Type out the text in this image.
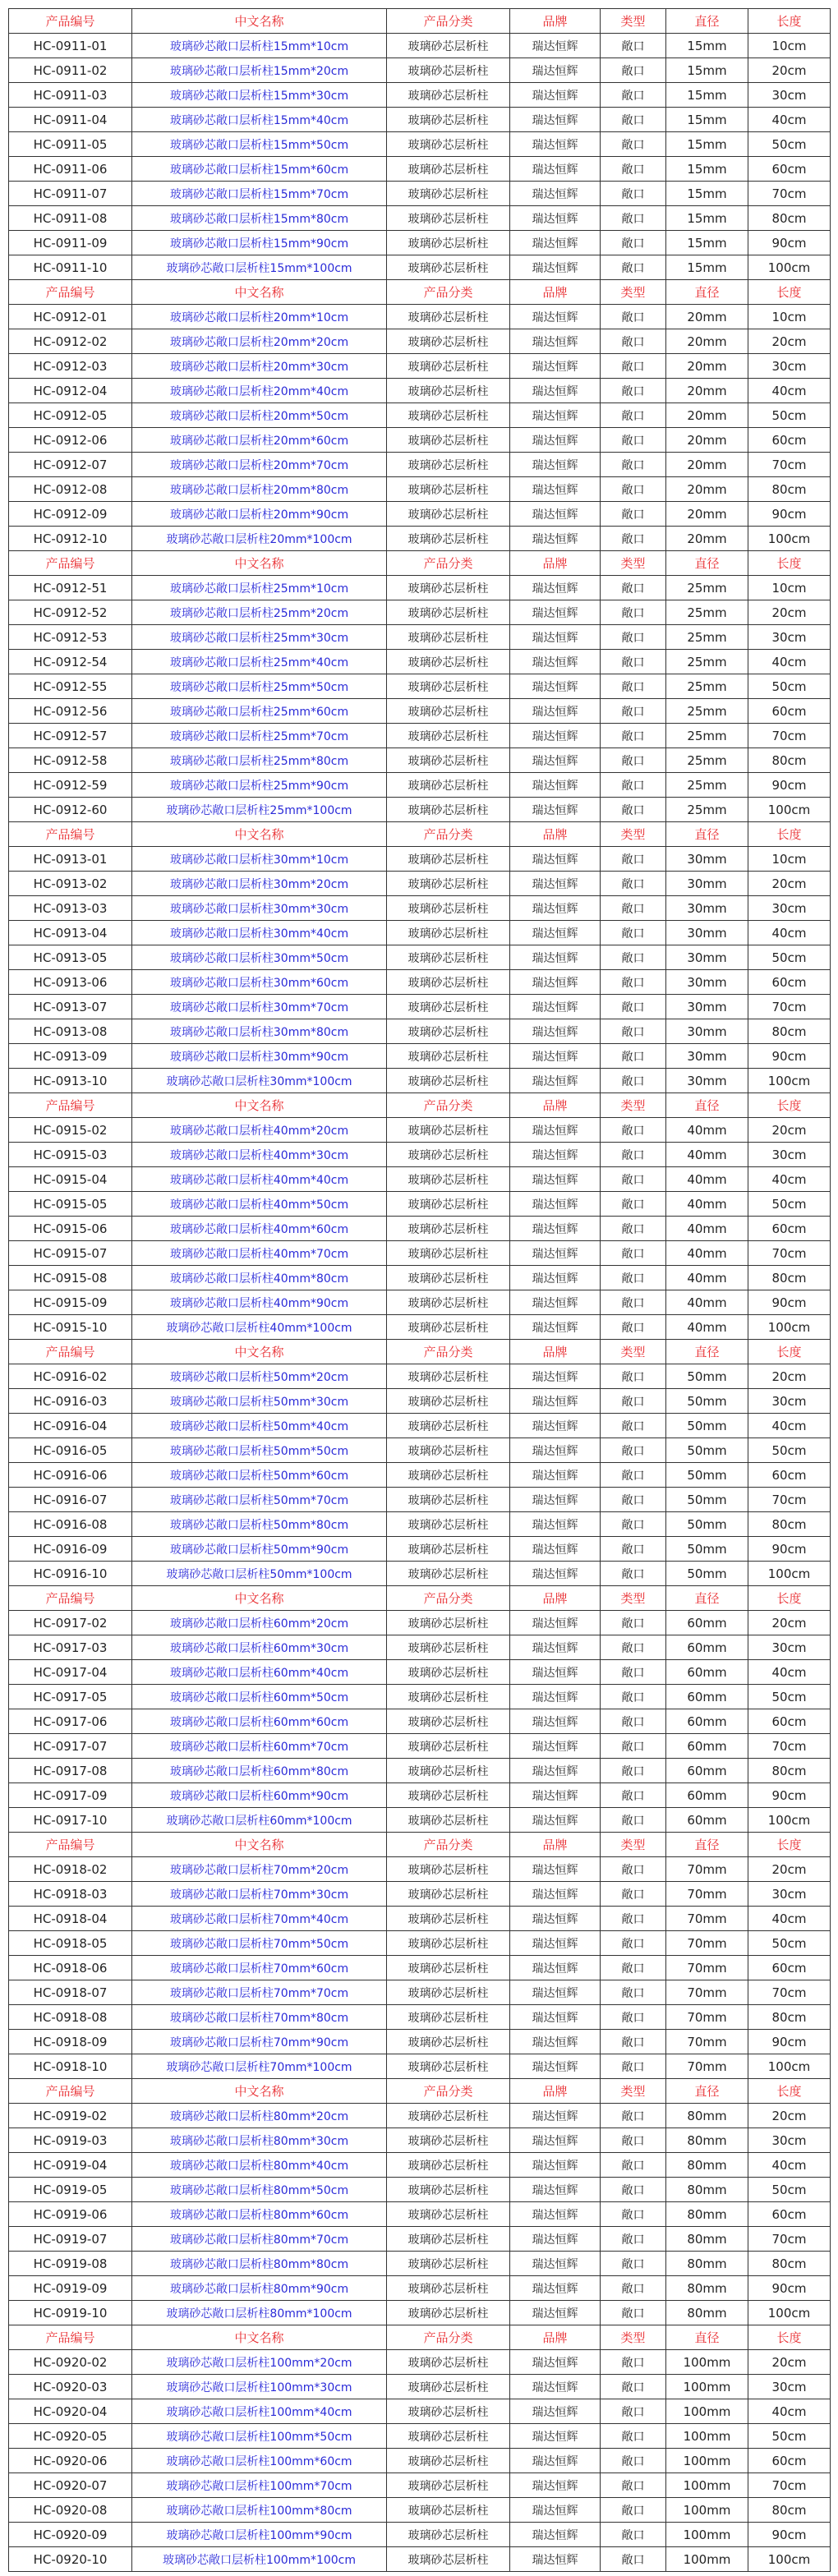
产品编号	中文名称	产品分类	品牌	类型	直径	长度
HC-0911-01	玻璃砂芯敞口层析柱15mm*10cm	玻璃砂芯层析柱	瑞达恒辉	敞口	15mm	10cm
HC-0911-02	玻璃砂芯敞口层析柱15mm*20cm	玻璃砂芯层析柱	瑞达恒辉	敞口	15mm	20cm
HC-0911-03	玻璃砂芯敞口层析柱15mm*30cm	玻璃砂芯层析柱	瑞达恒辉	敞口	15mm	30cm
HC-0911-04	玻璃砂芯敞口层析柱15mm*40cm	玻璃砂芯层析柱	瑞达恒辉	敞口	15mm	40cm
HC-0911-05	玻璃砂芯敞口层析柱15mm*50cm	玻璃砂芯层析柱	瑞达恒辉	敞口	15mm	50cm
HC-0911-06	玻璃砂芯敞口层析柱15mm*60cm	玻璃砂芯层析柱	瑞达恒辉	敞口	15mm	60cm
HC-0911-07	玻璃砂芯敞口层析柱15mm*70cm	玻璃砂芯层析柱	瑞达恒辉	敞口	15mm	70cm
HC-0911-08	玻璃砂芯敞口层析柱15mm*80cm	玻璃砂芯层析柱	瑞达恒辉	敞口	15mm	80cm
HC-0911-09	玻璃砂芯敞口层析柱15mm*90cm	玻璃砂芯层析柱	瑞达恒辉	敞口	15mm	90cm
HC-0911-10	玻璃砂芯敞口层析柱15mm*100cm	玻璃砂芯层析柱	瑞达恒辉	敞口	15mm	100cm
产品编号	中文名称	产品分类	品牌	类型	直径	长度
HC-0912-01	玻璃砂芯敞口层析柱20mm*10cm	玻璃砂芯层析柱	瑞达恒辉	敞口	20mm	10cm
HC-0912-02	玻璃砂芯敞口层析柱20mm*20cm	玻璃砂芯层析柱	瑞达恒辉	敞口	20mm	20cm
HC-0912-03	玻璃砂芯敞口层析柱20mm*30cm	玻璃砂芯层析柱	瑞达恒辉	敞口	20mm	30cm
HC-0912-04	玻璃砂芯敞口层析柱20mm*40cm	玻璃砂芯层析柱	瑞达恒辉	敞口	20mm	40cm
HC-0912-05	玻璃砂芯敞口层析柱20mm*50cm	玻璃砂芯层析柱	瑞达恒辉	敞口	20mm	50cm
HC-0912-06	玻璃砂芯敞口层析柱20mm*60cm	玻璃砂芯层析柱	瑞达恒辉	敞口	20mm	60cm
HC-0912-07	玻璃砂芯敞口层析柱20mm*70cm	玻璃砂芯层析柱	瑞达恒辉	敞口	20mm	70cm
HC-0912-08	玻璃砂芯敞口层析柱20mm*80cm	玻璃砂芯层析柱	瑞达恒辉	敞口	20mm	80cm
HC-0912-09	玻璃砂芯敞口层析柱20mm*90cm	玻璃砂芯层析柱	瑞达恒辉	敞口	20mm	90cm
HC-0912-10	玻璃砂芯敞口层析柱20mm*100cm	玻璃砂芯层析柱	瑞达恒辉	敞口	20mm	100cm
产品编号	中文名称	产品分类	品牌	类型	直径	长度
HC-0912-51	玻璃砂芯敞口层析柱25mm*10cm	玻璃砂芯层析柱	瑞达恒辉	敞口	25mm	10cm
HC-0912-52	玻璃砂芯敞口层析柱25mm*20cm	玻璃砂芯层析柱	瑞达恒辉	敞口	25mm	20cm
HC-0912-53	玻璃砂芯敞口层析柱25mm*30cm	玻璃砂芯层析柱	瑞达恒辉	敞口	25mm	30cm
HC-0912-54	玻璃砂芯敞口层析柱25mm*40cm	玻璃砂芯层析柱	瑞达恒辉	敞口	25mm	40cm
HC-0912-55	玻璃砂芯敞口层析柱25mm*50cm	玻璃砂芯层析柱	瑞达恒辉	敞口	25mm	50cm
HC-0912-56	玻璃砂芯敞口层析柱25mm*60cm	玻璃砂芯层析柱	瑞达恒辉	敞口	25mm	60cm
HC-0912-57	玻璃砂芯敞口层析柱25mm*70cm	玻璃砂芯层析柱	瑞达恒辉	敞口	25mm	70cm
HC-0912-58	玻璃砂芯敞口层析柱25mm*80cm	玻璃砂芯层析柱	瑞达恒辉	敞口	25mm	80cm
HC-0912-59	玻璃砂芯敞口层析柱25mm*90cm	玻璃砂芯层析柱	瑞达恒辉	敞口	25mm	90cm
HC-0912-60	玻璃砂芯敞口层析柱25mm*100cm	玻璃砂芯层析柱	瑞达恒辉	敞口	25mm	100cm
产品编号	中文名称	产品分类	品牌	类型	直径	长度
HC-0913-01	玻璃砂芯敞口层析柱30mm*10cm	玻璃砂芯层析柱	瑞达恒辉	敞口	30mm	10cm
HC-0913-02	玻璃砂芯敞口层析柱30mm*20cm	玻璃砂芯层析柱	瑞达恒辉	敞口	30mm	20cm
HC-0913-03	玻璃砂芯敞口层析柱30mm*30cm	玻璃砂芯层析柱	瑞达恒辉	敞口	30mm	30cm
HC-0913-04	玻璃砂芯敞口层析柱30mm*40cm	玻璃砂芯层析柱	瑞达恒辉	敞口	30mm	40cm
HC-0913-05	玻璃砂芯敞口层析柱30mm*50cm	玻璃砂芯层析柱	瑞达恒辉	敞口	30mm	50cm
HC-0913-06	玻璃砂芯敞口层析柱30mm*60cm	玻璃砂芯层析柱	瑞达恒辉	敞口	30mm	60cm
HC-0913-07	玻璃砂芯敞口层析柱30mm*70cm	玻璃砂芯层析柱	瑞达恒辉	敞口	30mm	70cm
HC-0913-08	玻璃砂芯敞口层析柱30mm*80cm	玻璃砂芯层析柱	瑞达恒辉	敞口	30mm	80cm
HC-0913-09	玻璃砂芯敞口层析柱30mm*90cm	玻璃砂芯层析柱	瑞达恒辉	敞口	30mm	90cm
HC-0913-10	玻璃砂芯敞口层析柱30mm*100cm	玻璃砂芯层析柱	瑞达恒辉	敞口	30mm	100cm
产品编号	中文名称	产品分类	品牌	类型	直径	长度
HC-0915-02	玻璃砂芯敞口层析柱40mm*20cm	玻璃砂芯层析柱	瑞达恒辉	敞口	40mm	20cm
HC-0915-03	玻璃砂芯敞口层析柱40mm*30cm	玻璃砂芯层析柱	瑞达恒辉	敞口	40mm	30cm
HC-0915-04	玻璃砂芯敞口层析柱40mm*40cm	玻璃砂芯层析柱	瑞达恒辉	敞口	40mm	40cm
HC-0915-05	玻璃砂芯敞口层析柱40mm*50cm	玻璃砂芯层析柱	瑞达恒辉	敞口	40mm	50cm
HC-0915-06	玻璃砂芯敞口层析柱40mm*60cm	玻璃砂芯层析柱	瑞达恒辉	敞口	40mm	60cm
HC-0915-07	玻璃砂芯敞口层析柱40mm*70cm	玻璃砂芯层析柱	瑞达恒辉	敞口	40mm	70cm
HC-0915-08	玻璃砂芯敞口层析柱40mm*80cm	玻璃砂芯层析柱	瑞达恒辉	敞口	40mm	80cm
HC-0915-09	玻璃砂芯敞口层析柱40mm*90cm	玻璃砂芯层析柱	瑞达恒辉	敞口	40mm	90cm
HC-0915-10	玻璃砂芯敞口层析柱40mm*100cm	玻璃砂芯层析柱	瑞达恒辉	敞口	40mm	100cm
产品编号	中文名称	产品分类	品牌	类型	直径	长度
HC-0916-02	玻璃砂芯敞口层析柱50mm*20cm	玻璃砂芯层析柱	瑞达恒辉	敞口	50mm	20cm
HC-0916-03	玻璃砂芯敞口层析柱50mm*30cm	玻璃砂芯层析柱	瑞达恒辉	敞口	50mm	30cm
HC-0916-04	玻璃砂芯敞口层析柱50mm*40cm	玻璃砂芯层析柱	瑞达恒辉	敞口	50mm	40cm
HC-0916-05	玻璃砂芯敞口层析柱50mm*50cm	玻璃砂芯层析柱	瑞达恒辉	敞口	50mm	50cm
HC-0916-06	玻璃砂芯敞口层析柱50mm*60cm	玻璃砂芯层析柱	瑞达恒辉	敞口	50mm	60cm
HC-0916-07	玻璃砂芯敞口层析柱50mm*70cm	玻璃砂芯层析柱	瑞达恒辉	敞口	50mm	70cm
HC-0916-08	玻璃砂芯敞口层析柱50mm*80cm	玻璃砂芯层析柱	瑞达恒辉	敞口	50mm	80cm
HC-0916-09	玻璃砂芯敞口层析柱50mm*90cm	玻璃砂芯层析柱	瑞达恒辉	敞口	50mm	90cm
HC-0916-10	玻璃砂芯敞口层析柱50mm*100cm	玻璃砂芯层析柱	瑞达恒辉	敞口	50mm	100cm
产品编号	中文名称	产品分类	品牌	类型	直径	长度
HC-0917-02	玻璃砂芯敞口层析柱60mm*20cm	玻璃砂芯层析柱	瑞达恒辉	敞口	60mm	20cm
HC-0917-03	玻璃砂芯敞口层析柱60mm*30cm	玻璃砂芯层析柱	瑞达恒辉	敞口	60mm	30cm
HC-0917-04	玻璃砂芯敞口层析柱60mm*40cm	玻璃砂芯层析柱	瑞达恒辉	敞口	60mm	40cm
HC-0917-05	玻璃砂芯敞口层析柱60mm*50cm	玻璃砂芯层析柱	瑞达恒辉	敞口	60mm	50cm
HC-0917-06	玻璃砂芯敞口层析柱60mm*60cm	玻璃砂芯层析柱	瑞达恒辉	敞口	60mm	60cm
HC-0917-07	玻璃砂芯敞口层析柱60mm*70cm	玻璃砂芯层析柱	瑞达恒辉	敞口	60mm	70cm
HC-0917-08	玻璃砂芯敞口层析柱60mm*80cm	玻璃砂芯层析柱	瑞达恒辉	敞口	60mm	80cm
HC-0917-09	玻璃砂芯敞口层析柱60mm*90cm	玻璃砂芯层析柱	瑞达恒辉	敞口	60mm	90cm
HC-0917-10	玻璃砂芯敞口层析柱60mm*100cm	玻璃砂芯层析柱	瑞达恒辉	敞口	60mm	100cm
产品编号	中文名称	产品分类	品牌	类型	直径	长度
HC-0918-02	玻璃砂芯敞口层析柱70mm*20cm	玻璃砂芯层析柱	瑞达恒辉	敞口	70mm	20cm
HC-0918-03	玻璃砂芯敞口层析柱70mm*30cm	玻璃砂芯层析柱	瑞达恒辉	敞口	70mm	30cm
HC-0918-04	玻璃砂芯敞口层析柱70mm*40cm	玻璃砂芯层析柱	瑞达恒辉	敞口	70mm	40cm
HC-0918-05	玻璃砂芯敞口层析柱70mm*50cm	玻璃砂芯层析柱	瑞达恒辉	敞口	70mm	50cm
HC-0918-06	玻璃砂芯敞口层析柱70mm*60cm	玻璃砂芯层析柱	瑞达恒辉	敞口	70mm	60cm
HC-0918-07	玻璃砂芯敞口层析柱70mm*70cm	玻璃砂芯层析柱	瑞达恒辉	敞口	70mm	70cm
HC-0918-08	玻璃砂芯敞口层析柱70mm*80cm	玻璃砂芯层析柱	瑞达恒辉	敞口	70mm	80cm
HC-0918-09	玻璃砂芯敞口层析柱70mm*90cm	玻璃砂芯层析柱	瑞达恒辉	敞口	70mm	90cm
HC-0918-10	玻璃砂芯敞口层析柱70mm*100cm	玻璃砂芯层析柱	瑞达恒辉	敞口	70mm	100cm
产品编号	中文名称	产品分类	品牌	类型	直径	长度
HC-0919-02	玻璃砂芯敞口层析柱80mm*20cm	玻璃砂芯层析柱	瑞达恒辉	敞口	80mm	20cm
HC-0919-03	玻璃砂芯敞口层析柱80mm*30cm	玻璃砂芯层析柱	瑞达恒辉	敞口	80mm	30cm
HC-0919-04	玻璃砂芯敞口层析柱80mm*40cm	玻璃砂芯层析柱	瑞达恒辉	敞口	80mm	40cm
HC-0919-05	玻璃砂芯敞口层析柱80mm*50cm	玻璃砂芯层析柱	瑞达恒辉	敞口	80mm	50cm
HC-0919-06	玻璃砂芯敞口层析柱80mm*60cm	玻璃砂芯层析柱	瑞达恒辉	敞口	80mm	60cm
HC-0919-07	玻璃砂芯敞口层析柱80mm*70cm	玻璃砂芯层析柱	瑞达恒辉	敞口	80mm	70cm
HC-0919-08	玻璃砂芯敞口层析柱80mm*80cm	玻璃砂芯层析柱	瑞达恒辉	敞口	80mm	80cm
HC-0919-09	玻璃砂芯敞口层析柱80mm*90cm	玻璃砂芯层析柱	瑞达恒辉	敞口	80mm	90cm
HC-0919-10	玻璃砂芯敞口层析柱80mm*100cm	玻璃砂芯层析柱	瑞达恒辉	敞口	80mm	100cm
产品编号	中文名称	产品分类	品牌	类型	直径	长度
HC-0920-02	玻璃砂芯敞口层析柱100mm*20cm	玻璃砂芯层析柱	瑞达恒辉	敞口	100mm	20cm
HC-0920-03	玻璃砂芯敞口层析柱100mm*30cm	玻璃砂芯层析柱	瑞达恒辉	敞口	100mm	30cm
HC-0920-04	玻璃砂芯敞口层析柱100mm*40cm	玻璃砂芯层析柱	瑞达恒辉	敞口	100mm	40cm
HC-0920-05	玻璃砂芯敞口层析柱100mm*50cm	玻璃砂芯层析柱	瑞达恒辉	敞口	100mm	50cm
HC-0920-06	玻璃砂芯敞口层析柱100mm*60cm	玻璃砂芯层析柱	瑞达恒辉	敞口	100mm	60cm
HC-0920-07	玻璃砂芯敞口层析柱100mm*70cm	玻璃砂芯层析柱	瑞达恒辉	敞口	100mm	70cm
HC-0920-08	玻璃砂芯敞口层析柱100mm*80cm	玻璃砂芯层析柱	瑞达恒辉	敞口	100mm	80cm
HC-0920-09	玻璃砂芯敞口层析柱100mm*90cm	玻璃砂芯层析柱	瑞达恒辉	敞口	100mm	90cm
HC-0920-10	玻璃砂芯敞口层析柱100mm*100cm	玻璃砂芯层析柱	瑞达恒辉	敞口	100mm	100cm
